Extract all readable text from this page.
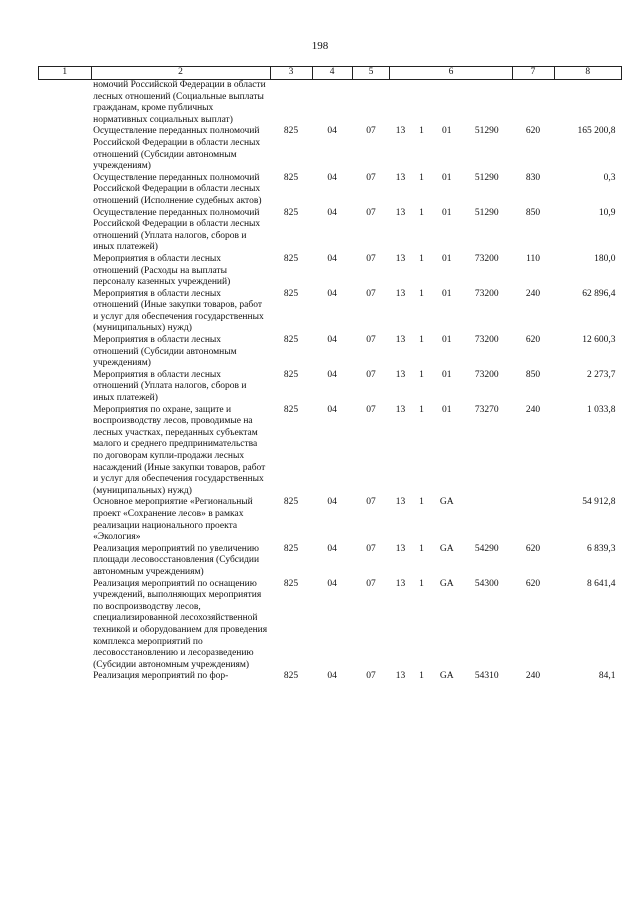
198
1	2	3	4	5	6				7	8
	номочий Российской Федерации в области лесных отношений (Социальные выплаты гражданам, кроме публичных нормативных социальных выплат)									
	Осуществление переданных полномочий Российской Федерации в области лесных отношений (Субсидии автономным учреждениям)	825	04	07	13	1	01	51290	620	165 200,8
	Осуществление переданных полномочий Российской Федерации в области лесных отношений (Исполнение судебных актов)	825	04	07	13	1	01	51290	830	0,3
	Осуществление переданных полномочий Российской Федерации в области лесных отношений (Уплата налогов, сборов и иных платежей)	825	04	07	13	1	01	51290	850	10,9
	Мероприятия в области лесных отношений (Расходы на выплаты персоналу казенных учреждений)	825	04	07	13	1	01	73200	110	180,0
	Мероприятия в области лесных отношений (Иные закупки товаров, работ и услуг для обеспечения государственных (муниципальных) нужд)	825	04	07	13	1	01	73200	240	62 896,4
	Мероприятия в области лесных отношений (Субсидии автономным учреждениям)	825	04	07	13	1	01	73200	620	12 600,3
	Мероприятия в области лесных отношений (Уплата налогов, сборов и иных платежей)	825	04	07	13	1	01	73200	850	2 273,7
	Мероприятия по охране, защите и воспроизводству лесов, проводимые на лесных участках, переданных субъектам малого и среднего предпринимательства по договорам купли-продажи лесных насаждений (Иные закупки товаров, работ и услуг для обеспечения государственных (муниципальных) нужд)	825	04	07	13	1	01	73270	240	1 033,8
	Основное мероприятие «Региональный проект «Сохранение лесов» в рамках реализации национального проекта «Экология»	825	04	07	13	1	GA			54 912,8
	Реализация мероприятий по увеличению площади лесовосстановления (Субсидии автономным учреждениям)	825	04	07	13	1	GA	54290	620	6 839,3
	Реализация мероприятий по оснащению учреждений, выполняющих мероприятия по воспроизводству лесов, специализированной лесохозяйственной техникой и оборудованием для проведения комплекса мероприятий по лесовосстановлению и лесоразведению (Субсидии автономным учреждениям)	825	04	07	13	1	GA	54300	620	8 641,4
	Реализация мероприятий по фор-	825	04	07	13	1	GA	54310	240	84,1
